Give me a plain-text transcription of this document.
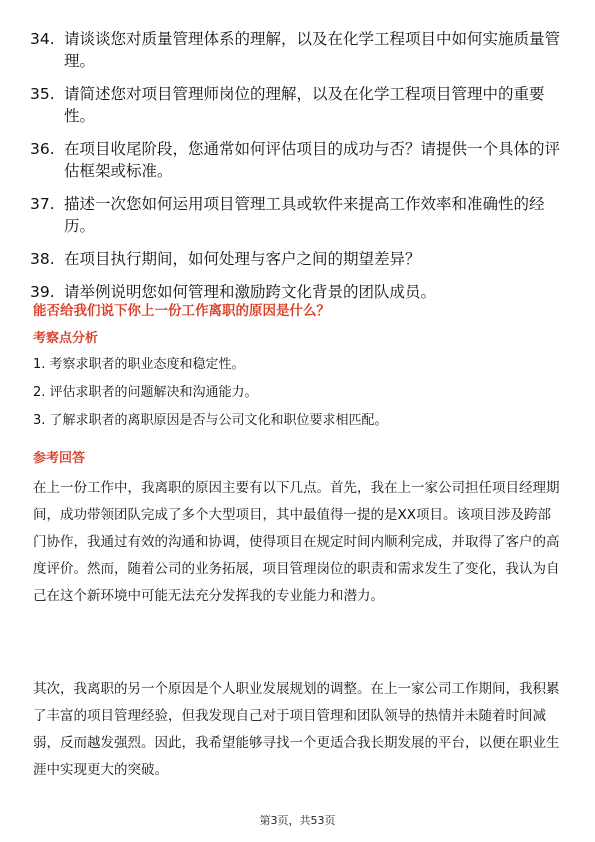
34. 请谈谈您对质量管理体系的理解，以及在化学工程项目中如何实施质量管理。
35. 请简述您对项目管理师岗位的理解，以及在化学工程项目管理中的重要性。
36. 在项目收尾阶段，您通常如何评估项目的成功与否？请提供一个具体的评估框架或标准。
37. 描述一次您如何运用项目管理工具或软件来提高工作效率和准确性的经历。
38. 在项目执行期间，如何处理与客户之间的期望差异？
39. 请举例说明您如何管理和激励跨文化背景的团队成员。
能否给我们说下你上一份工作离职的原因是什么？
考察点分析
1. 考察求职者的职业态度和稳定性。
2. 评估求职者的问题解决和沟通能力。
3. 了解求职者的离职原因是否与公司文化和职位要求相匹配。
参考回答
在上一份工作中，我离职的原因主要有以下几点。首先，我在上一家公司担任项目经理期间，成功带领团队完成了多个大型项目，其中最值得一提的是XX项目。该项目涉及跨部门协作，我通过有效的沟通和协调，使得项目在规定时间内顺利完成，并取得了客户的高度评价。然而，随着公司的业务拓展，项目管理岗位的职责和需求发生了变化，我认为自己在这个新环境中可能无法充分发挥我的专业能力和潜力。
其次，我离职的另一个原因是个人职业发展规划的调整。在上一家公司工作期间，我积累了丰富的项目管理经验，但我发现自己对于项目管理和团队领导的热情并未随着时间减弱，反而越发强烈。因此，我希望能够寻找一个更适合我长期发展的平台，以便在职业生涯中实现更大的突破。
第3页，共53页
